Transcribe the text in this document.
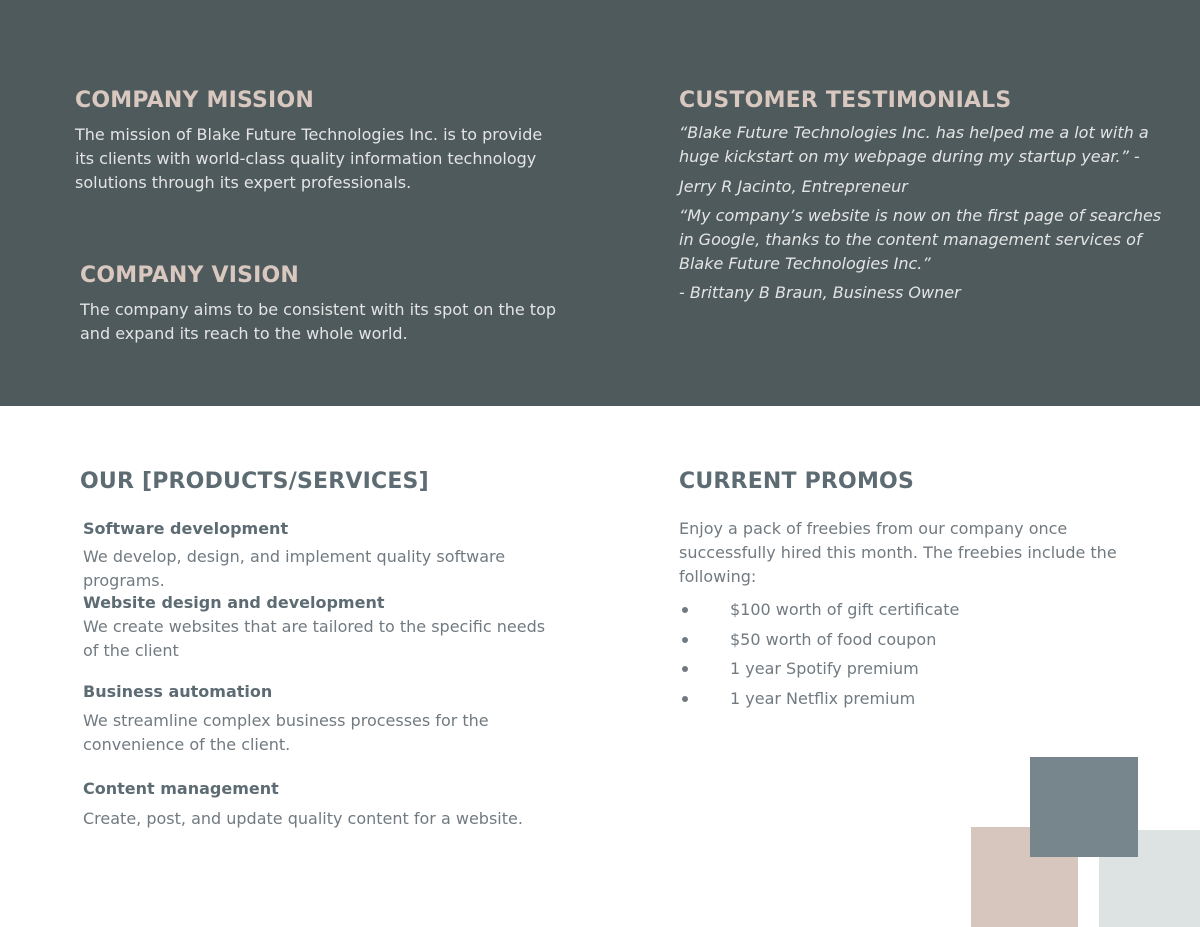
COMPANY MISSION

The mission of Blake Future Technologies Inc. is to provide its clients with world-class quality information technology solutions through its expert professionals.

COMPANY VISION

The company aims to be consistent with its spot on the top and expand its reach to the whole world.

CUSTOMER TESTIMONIALS

“Blake Future Technologies Inc. has helped me a lot with a huge kickstart on my webpage during my startup year.” -

Jerry R Jacinto, Entrepreneur

“My company’s website is now on the first page of searches in Google, thanks to the content management services of Blake Future Technologies Inc.”

- Brittany B Braun, Business Owner

OUR [PRODUCTS/SERVICES]

Software development

We develop, design, and implement quality software programs.

Website design and development

We create websites that are tailored to the specific needs of the client

Business automation

We streamline complex business processes for the convenience of the client.

Content management

Create, post, and update quality content for a website.

CURRENT PROMOS

Enjoy a pack of freebies from our company once successfully hired this month. The freebies include the following:

$100 worth of gift certificate
$50 worth of food coupon
1 year Spotify premium
1 year Netflix premium
